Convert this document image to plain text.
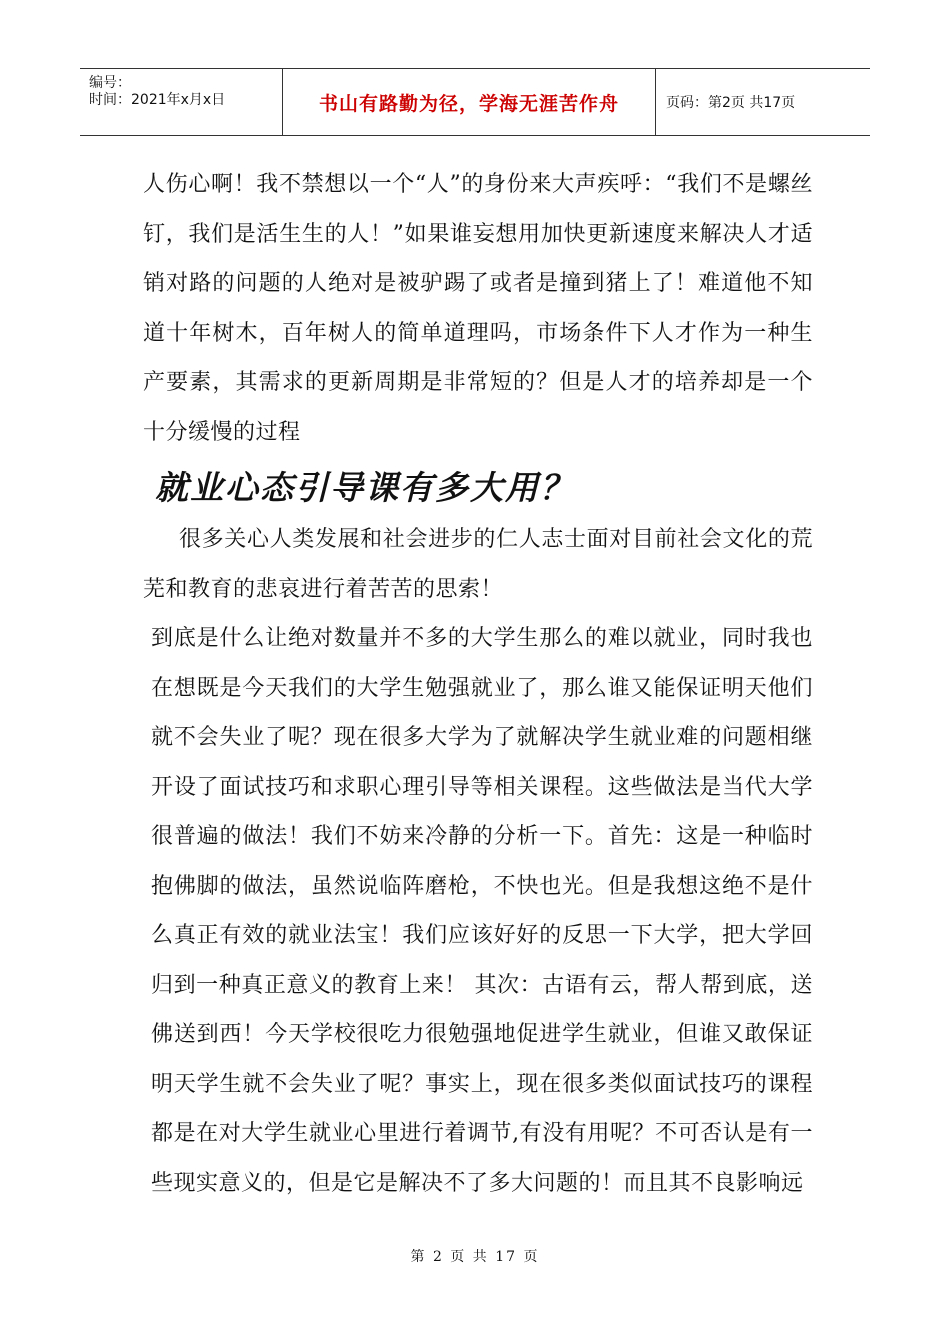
编号：
时间：2021年x月x日	书山有路勤为径，学海无涯苦作舟	页码：第2页 共17页

人伤心啊！我不禁想以一个“人”的身份来大声疾呼：“我们不是螺丝钉，我们是活生生的人！”如果谁妄想用加快更新速度来解决人才适销对路的问题的人绝对是被驴踢了或者是撞到猪上了！难道他不知道十年树木，百年树人的简单道理吗，市场条件下人才作为一种生产要素，其需求的更新周期是非常短的？但是人才的培养却是一个十分缓慢的过程

就业心态引导课有多大用？

很多关心人类发展和社会进步的仁人志士面对目前社会文化的荒芜和教育的悲哀进行着苦苦的思索！

到底是什么让绝对数量并不多的大学生那么的难以就业，同时我也在想既是今天我们的大学生勉强就业了，那么谁又能保证明天他们就不会失业了呢？现在很多大学为了就解决学生就业难的问题相继开设了面试技巧和求职心理引导等相关课程。这些做法是当代大学很普遍的做法！我们不妨来冷静的分析一下。首先：这是一种临时抱佛脚的做法，虽然说临阵磨枪，不快也光。但是我想这绝不是什么真正有效的就业法宝！我们应该好好的反思一下大学，把大学回归到一种真正意义的教育上来！ 其次：古语有云，帮人帮到底，送佛送到西！今天学校很吃力很勉强地促进学生就业，但谁又敢保证明天学生就不会失业了呢？事实上，现在很多类似面试技巧的课程都是在对大学生就业心里进行着调节,有没有用呢？不可否认是有一些现实意义的，但是它是解决不了多大问题的！而且其不良影响远

第 2 页 共 17 页
